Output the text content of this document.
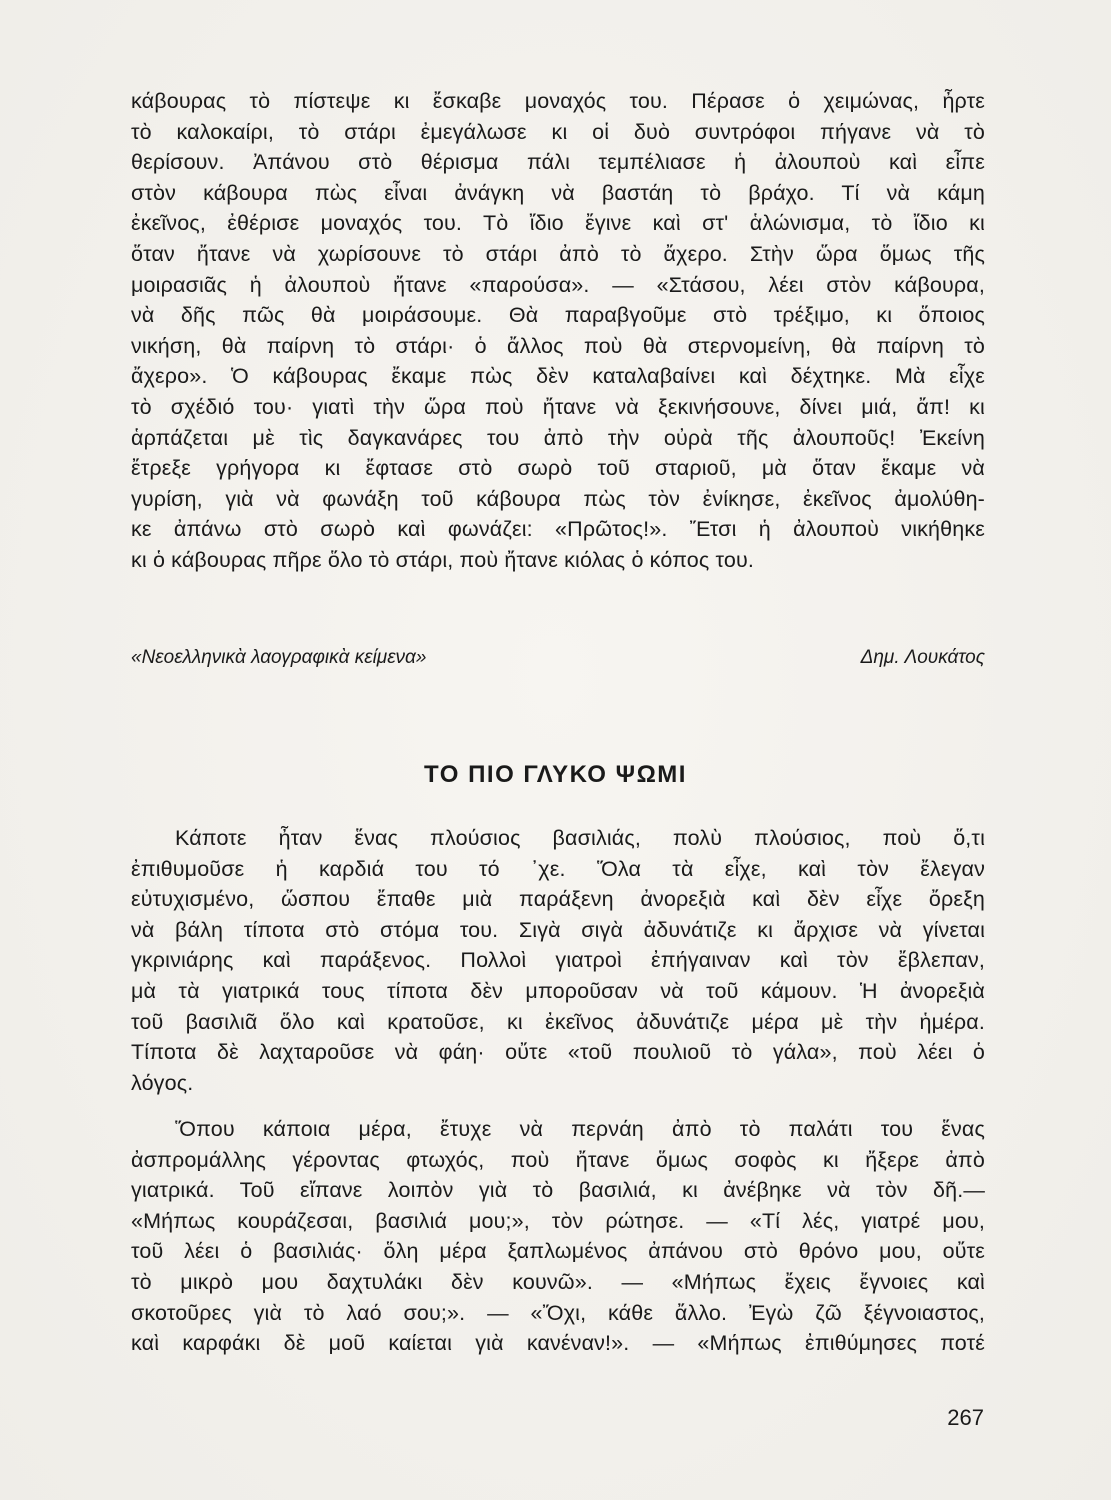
κάβουρας τὸ πίστεψε κι ἔσκαβε μοναχός του. Πέρασε ὁ χειμώνας, ἦρτε
τὸ καλοκαίρι, τὸ στάρι ἐμεγάλωσε κι οἱ δυὸ συντρόφοι πήγανε νὰ τὸ
θερίσουν. Ἀπάνου στὸ θέρισμα πάλι τεμπέλιασε ἡ ἀλουποὺ καὶ εἶπε
στὸν κάβουρα πὼς εἶναι ἀνάγκη νὰ βαστάη τὸ βράχο. Τί νὰ κάμη
ἐκεῖνος, ἐθέρισε μοναχός του. Τὸ ἴδιο ἔγινε καὶ στ' ἁλώνισμα, τὸ ἴδιο κι
ὅταν ἤτανε νὰ χωρίσουνε τὸ στάρι ἀπὸ τὸ ἄχερο. Στὴν ὥρα ὅμως τῆς
μοιρασιᾶς ἡ ἀλουποὺ ἤτανε «παρούσα». — «Στάσου, λέει στὸν κάβουρα,
νὰ δῆς πῶς θὰ μοιράσουμε. Θὰ παραβγοῦμε στὸ τρέξιμο, κι ὅποιος
νικήση, θὰ παίρνη τὸ στάρι· ὁ ἄλλος ποὺ θὰ στερνομείνη, θὰ παίρνη τὸ
ἄχερο». Ὁ κάβουρας ἔκαμε πὼς δὲν καταλαβαίνει καὶ δέχτηκε. Μὰ εἶχε
τὸ σχέδιό του· γιατὶ τὴν ὥρα ποὺ ἤτανε νὰ ξεκινήσουνε, δίνει μιά, ἄπ! κι
ἁρπάζεται μὲ τὶς δαγκανάρες του ἀπὸ τὴν οὐρὰ τῆς ἀλουποῦς! Ἐκείνη
ἔτρεξε γρήγορα κι ἔφτασε στὸ σωρὸ τοῦ σταριοῦ, μὰ ὅταν ἔκαμε νὰ
γυρίση, γιὰ νὰ φωνάξη τοῦ κάβουρα πὼς τὸν ἐνίκησε, ἐκεῖνος ἀμολύθη-
κε ἀπάνω στὸ σωρὸ καὶ φωνάζει: «Πρῶτος!». Ἔτσι ἡ ἀλουποὺ νικήθηκε
κι ὁ κάβουρας πῆρε ὅλο τὸ στάρι, ποὺ ἤτανε κιόλας ὁ κόπος του.
«Νεοελληνικὰ λαογραφικὰ κείμενα»	Δημ. Λουκάτος
ΤΟ ΠΙΟ ΓΛΥΚΟ ΨΩΜΙ
Κάποτε ἦταν ἕνας πλούσιος βασιλιάς, πολὺ πλούσιος, ποὺ ὅ,τι
ἐπιθυμοῦσε ἡ καρδιά του τό ᾽χε. Ὅλα τὰ εἶχε, καὶ τὸν ἔλεγαν
εὐτυχισμένο, ὥσπου ἔπαθε μιὰ παράξενη ἀνορεξιὰ καὶ δὲν εἶχε ὄρεξη
νὰ βάλη τίποτα στὸ στόμα του. Σιγὰ σιγὰ ἀδυνάτιζε κι ἄρχισε νὰ γίνεται
γκρινιάρης καὶ παράξενος. Πολλοὶ γιατροὶ ἐπήγαιναν καὶ τὸν ἔβλεπαν,
μὰ τὰ γιατρικά τους τίποτα δὲν μποροῦσαν νὰ τοῦ κάμουν. Ἡ ἀνορεξιὰ
τοῦ βασιλιᾶ ὅλο καὶ κρατοῦσε, κι ἐκεῖνος ἀδυνάτιζε μέρα μὲ τὴν ἡμέρα.
Τίποτα δὲ λαχταροῦσε νὰ φάη· οὔτε «τοῦ πουλιοῦ τὸ γάλα», ποὺ λέει ὁ
λόγος.
Ὅπου κάποια μέρα, ἔτυχε νὰ περνάη ἀπὸ τὸ παλάτι του ἕνας
ἀσπρομάλλης γέροντας φτωχός, ποὺ ἤτανε ὅμως σοφὸς κι ἤξερε ἀπὸ
γιατρικά. Τοῦ εἴπανε λοιπὸν γιὰ τὸ βασιλιά, κι ἀνέβηκε νὰ τὸν δῆ.—
«Μήπως κουράζεσαι, βασιλιά μου;», τὸν ρώτησε. — «Τί λές, γιατρέ μου,
τοῦ λέει ὁ βασιλιάς· ὅλη μέρα ξαπλωμένος ἀπάνου στὸ θρόνο μου, οὔτε
τὸ μικρὸ μου δαχτυλάκι δὲν κουνῶ». — «Μήπως ἔχεις ἔγνοιες καὶ
σκοτοῦρες γιὰ τὸ λαό σου;». — «Ὄχι, κάθε ἄλλο. Ἐγὼ ζῶ ξέγνοιαστος,
καὶ καρφάκι δὲ μοῦ καίεται γιὰ κανέναν!». — «Μήπως ἐπιθύμησες ποτέ
267
